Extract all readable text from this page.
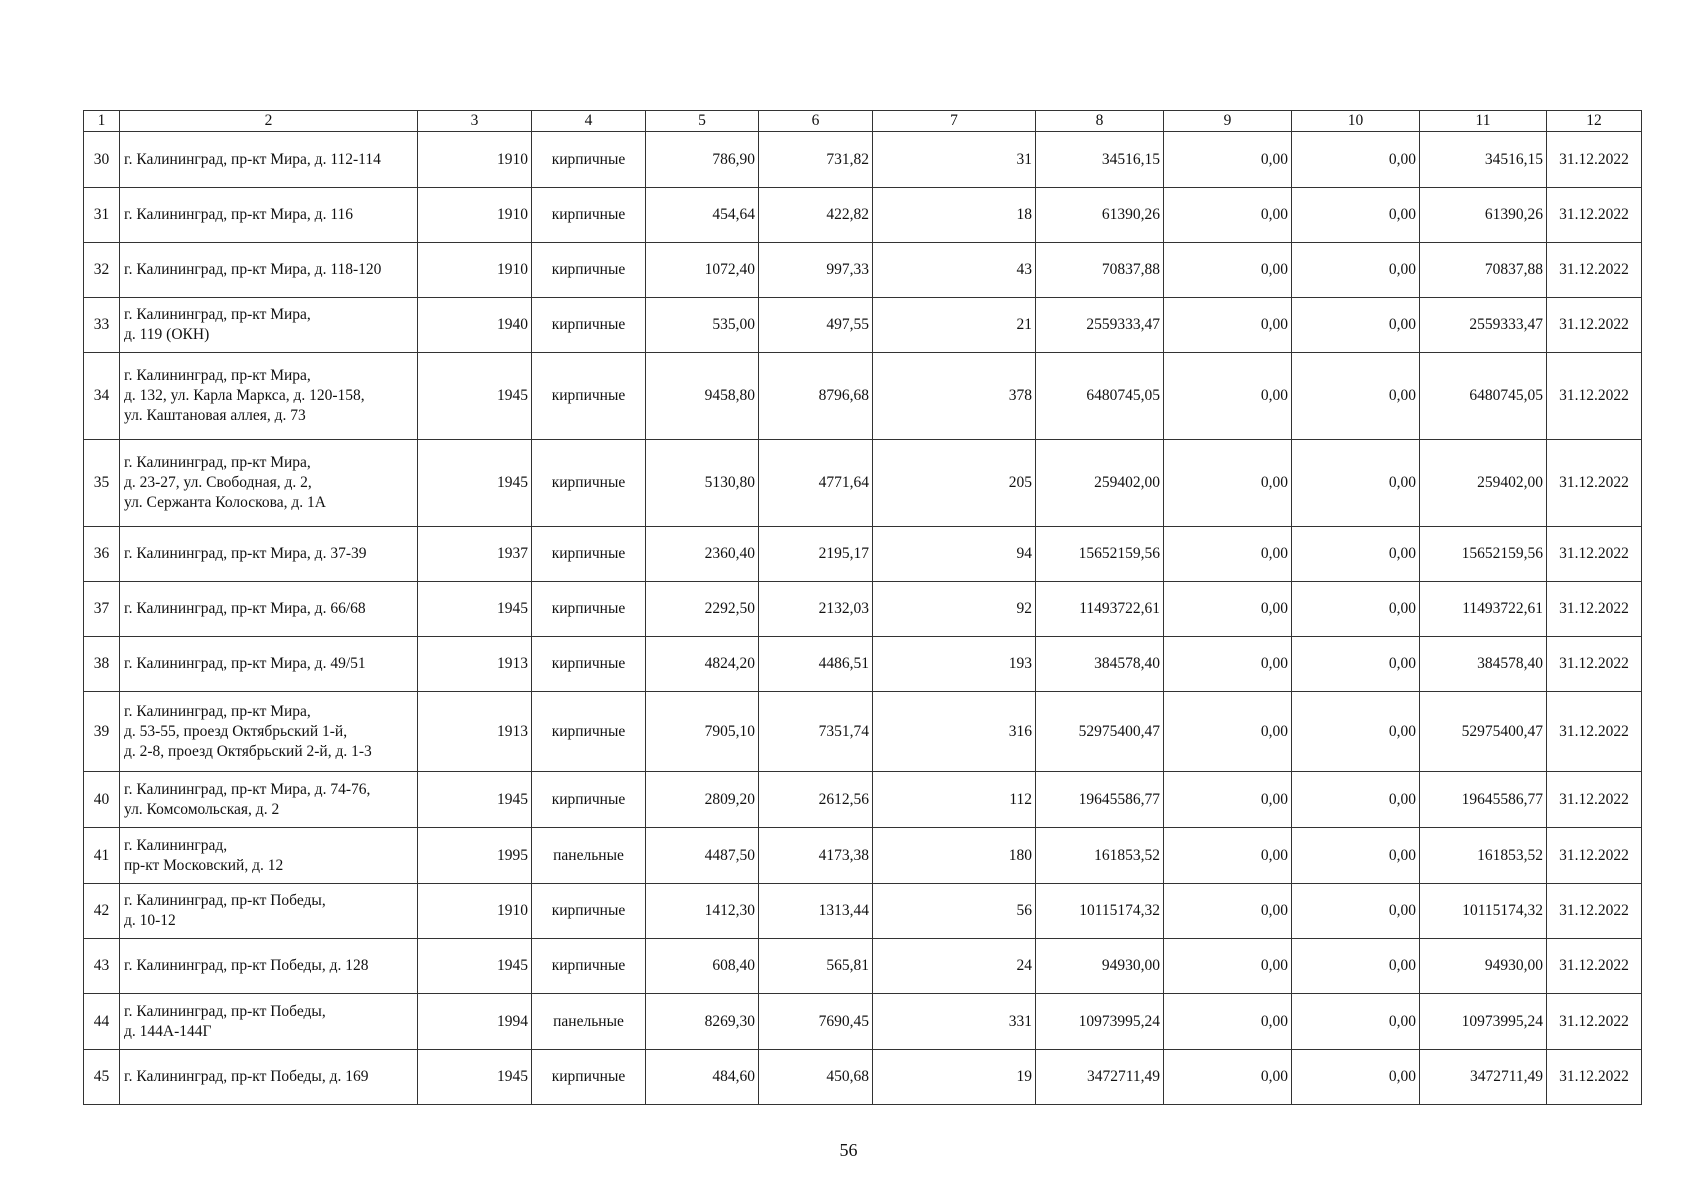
1	2	3	4	5	6	7	8	9	10	11	12
30	г. Калининград, пр-кт Мира, д. 112-114	1910	кирпичные	786,90	731,82	31	34516,15	0,00	0,00	34516,15	31.12.2022
31	г. Калининград, пр-кт Мира, д. 116	1910	кирпичные	454,64	422,82	18	61390,26	0,00	0,00	61390,26	31.12.2022
32	г. Калининград, пр-кт Мира, д. 118-120	1910	кирпичные	1072,40	997,33	43	70837,88	0,00	0,00	70837,88	31.12.2022
33	г. Калининград, пр-кт Мира,
д. 119 (ОКН)	1940	кирпичные	535,00	497,55	21	2559333,47	0,00	0,00	2559333,47	31.12.2022
34	г. Калининград, пр-кт Мира,
д. 132, ул. Карла Маркса, д. 120-158,
ул. Каштановая аллея, д. 73	1945	кирпичные	9458,80	8796,68	378	6480745,05	0,00	0,00	6480745,05	31.12.2022
35	г. Калининград, пр-кт Мира,
д. 23-27, ул. Свободная, д. 2,
ул. Сержанта Колоскова, д. 1А	1945	кирпичные	5130,80	4771,64	205	259402,00	0,00	0,00	259402,00	31.12.2022
36	г. Калининград, пр-кт Мира, д. 37-39	1937	кирпичные	2360,40	2195,17	94	15652159,56	0,00	0,00	15652159,56	31.12.2022
37	г. Калининград, пр-кт Мира, д. 66/68	1945	кирпичные	2292,50	2132,03	92	11493722,61	0,00	0,00	11493722,61	31.12.2022
38	г. Калининград, пр-кт Мира, д. 49/51	1913	кирпичные	4824,20	4486,51	193	384578,40	0,00	0,00	384578,40	31.12.2022
39	г. Калининград, пр-кт Мира,
д. 53-55, проезд Октябрьский 1-й,
д. 2-8, проезд Октябрьский 2-й, д. 1-3	1913	кирпичные	7905,10	7351,74	316	52975400,47	0,00	0,00	52975400,47	31.12.2022
40	г. Калининград, пр-кт Мира, д. 74-76,
ул. Комсомольская, д. 2	1945	кирпичные	2809,20	2612,56	112	19645586,77	0,00	0,00	19645586,77	31.12.2022
41	г. Калининград,
пр-кт Московский, д. 12	1995	панельные	4487,50	4173,38	180	161853,52	0,00	0,00	161853,52	31.12.2022
42	г. Калининград, пр-кт Победы,
д. 10-12	1910	кирпичные	1412,30	1313,44	56	10115174,32	0,00	0,00	10115174,32	31.12.2022
43	г. Калининград, пр-кт Победы, д. 128	1945	кирпичные	608,40	565,81	24	94930,00	0,00	0,00	94930,00	31.12.2022
44	г. Калининград, пр-кт Победы,
д. 144А-144Г	1994	панельные	8269,30	7690,45	331	10973995,24	0,00	0,00	10973995,24	31.12.2022
45	г. Калининград, пр-кт Победы, д. 169	1945	кирпичные	484,60	450,68	19	3472711,49	0,00	0,00	3472711,49	31.12.2022
56
